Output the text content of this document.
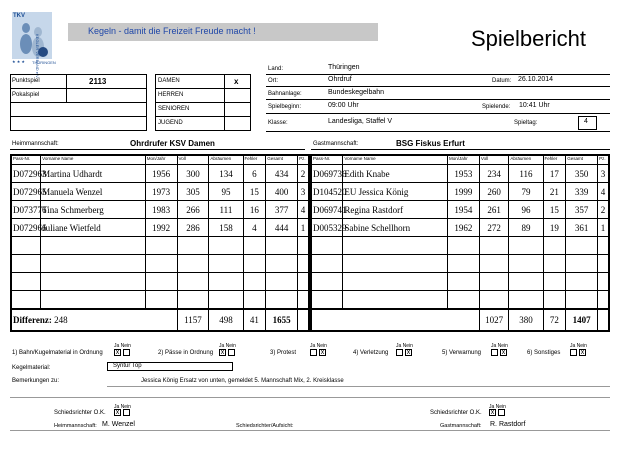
TKV
KEGLER VERBAND e.V.
★ ★ ★ THÜRINGEN
Kegeln - damit die Freizeit Freude macht !	Spielbericht
Punktspiel	2113
Pokalspiel
DAMEN	x
HERREN
SENIOREN
JUGEND
Land:	Thüringen
Ort:	Ohrdruf	Datum: 26.10.2014
Bahnanlage:	Bundeskegelbahn
Spielbeginn:	09:00 Uhr	Spielende: 10:41 Uhr
Klasse:	Landesliga, Staffel V	Spieltag:	4
Heimmannschaft:	Ohrdrufer KSV Damen	Gastmannschaft:	BSG Fiskus Erfurt
Pass-Nr.	Vorname Name	Mon/Jahr	Voll	Abräumen	Fehler	Gesamt	Pz.
D072963	Martina Udhardt	1956	300	134	6	434	2
D072965	Manuela Wenzel	1973	305	95	15	400	3
D073776	Tina Schmerberg	1983	266	111	16	377	4
D072966	Juliane Wietfeld	1992	286	158	4	444	1

Differenz: 248			1157	498	41	1655	
Pass-Nr.	Vorname Name	Mon/Jahr	Voll	Abräumen	Fehler	Gesamt	Pz.
D069736	Edith Knabe	1953	234	116	17	350	3
D104520	EU Jessica König	1999	260	79	21	339	4
D069741	Regina Rastdorf	1954	261	96	15	357	2
D005329	Sabine Schellhorn	1962	272	89	19	361	1

			1027	380	72	1407	
Ja Nein	Ja Nein	Ja Nein	Ja Nein	Ja Nein	Ja Nein
1) Bahn/Kugelmaterial in Ordnung x	2) Pässe in Ordnung x	3) Protest	x	4) Verletzung	x	5) Verwarnung	x	6) Sonstiges	x
Kegelmaterial:	Syntur Top
Bemerkungen zu:	Jessica König Ersatz von unten, gemeldet 5. Mannschaft Mix, 2. Kreisklasse
Ja Nein
Schiedsrichter O.K. x
Ja Nein
Schiedsrichter O.K. x
Heimmannschaft: M. Wenzel	Schiedsrichter/Aufsicht:	Gastmannschaft: R. Rastdorf
